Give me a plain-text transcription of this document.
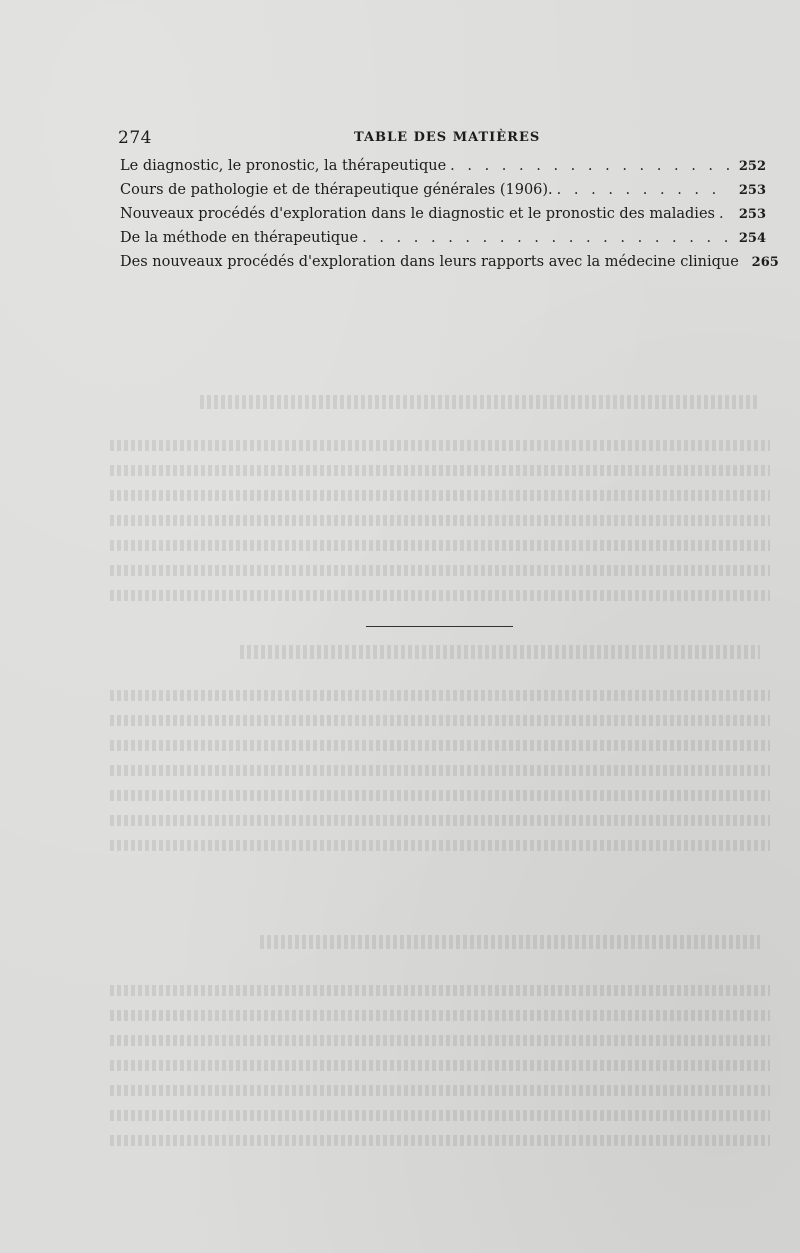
274	TABLE DES MATIÈRES
Le diagnostic, le pronostic, la thérapeutique . . .	252
Cours de pathologie et de thérapeutique générales (1906). . . .	253
Nouveaux procédés d'exploration dans le diagnostic et le pronostic des maladies . . . 253
De la méthode en thérapeutique . . .	254
Des nouveaux procédés d'exploration dans leurs rapports avec la médecine clinique 265
